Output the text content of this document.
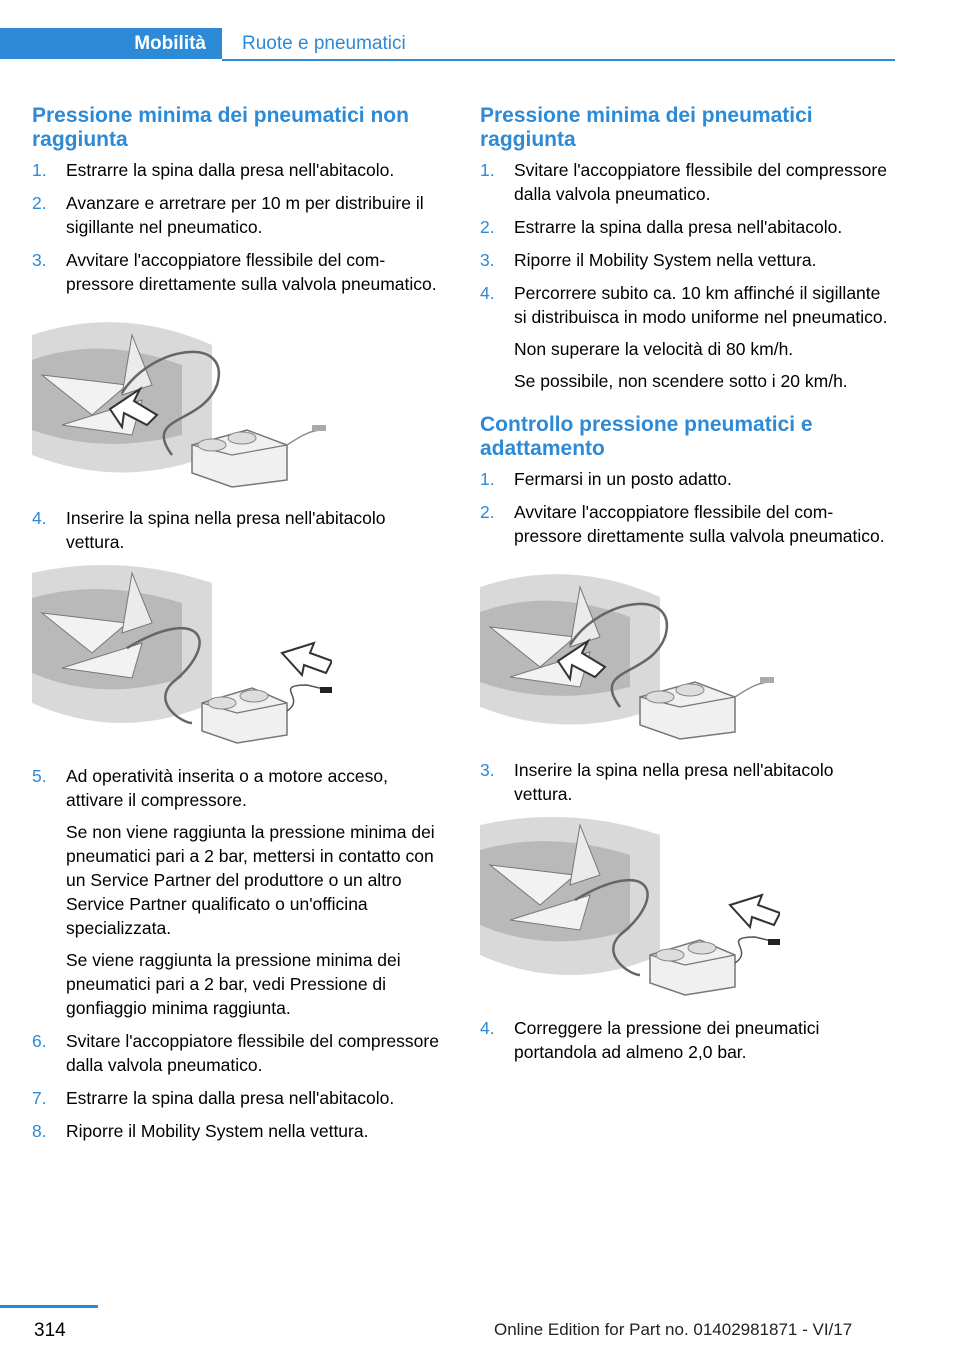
Mobilità	Ruote e pneumatici
Pressione minima dei pneumatici non raggiunta
1. Estrarre la spina dalla presa nell'abitacolo.
2. Avanzare e arretrare per 10 m per distribuire il sigillante nel pneumatico.
3. Avvitare l'accoppiatore flessibile del compressore direttamente sulla valvola pneumatico.
4. Inserire la spina nella presa nell'abitacolo vettura.
5. Ad operatività inserita o a motore acceso, attivare il compressore.

Se non viene raggiunta la pressione minima dei pneumatici pari a 2 bar, mettersi in contatto con un Service Partner del produttore o un altro Service Partner qualificato o un'officina specializzata.

Se viene raggiunta la pressione minima dei pneumatici pari a 2 bar, vedi Pressione di gonfiaggio minima raggiunta.

6. Svitare l'accoppiatore flessibile del compressore dalla valvola pneumatico.
7. Estrarre la spina dalla presa nell'abitacolo.
8. Riporre il Mobility System nella vettura.
Pressione minima dei pneumatici raggiunta
1. Svitare l'accoppiatore flessibile del compressore dalla valvola pneumatico.
2. Estrarre la spina dalla presa nell'abitacolo.
3. Riporre il Mobility System nella vettura.
4. Percorrere subito ca. 10 km affinché il sigillante si distribuisca in modo uniforme nel pneumatico.

Non superare la velocità di 80 km/h.

Se possibile, non scendere sotto i 20 km/h.

Controllo pressione pneumatici e adattamento
1. Fermarsi in un posto adatto.
2. Avvitare l'accoppiatore flessibile del compressore direttamente sulla valvola pneumatico.
3. Inserire la spina nella presa nell'abitacolo vettura.
4. Correggere la pressione dei pneumatici portandola ad almeno 2,0 bar.
314	Online Edition for Part no. 01402981871 - VI/17
